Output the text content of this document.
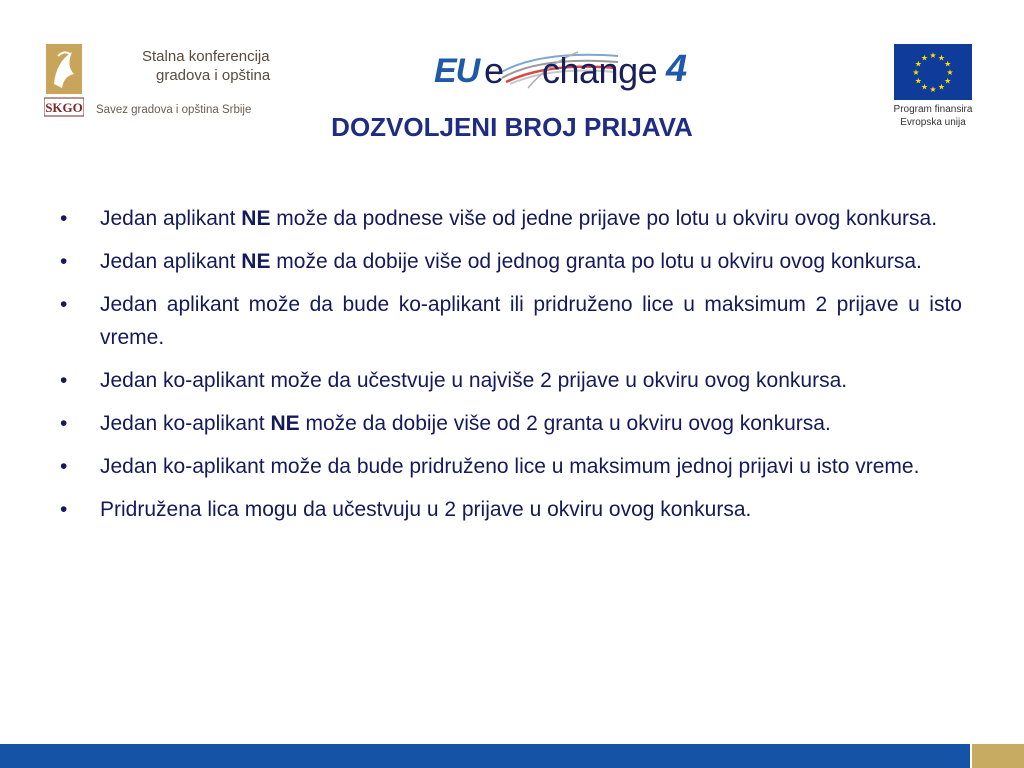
SKGO
Stalna konferencija
gradova i opština
Savez gradova i opština Srbije
EU e change 4	★ ★
★
★
★
★
★
★
★
★
★
★
Program finansira
Evropska unija
DOZVOLJENI BROJ PRIJAVA
• Jedan aplikant NE može da podnese više od jedne prijave po lotu u okviru ovog konkursa.
• Jedan aplikant NE može da dobije više od jednog granta po lotu u okviru ovog konkursa.
• Jedan aplikant može da bude ko-aplikant ili pridruženo lice u maksimum 2 prijave u isto vreme.
• Jedan ko-aplikant može da učestvuje u najviše 2 prijave u okviru ovog konkursa.
• Jedan ko-aplikant NE može da dobije više od 2 granta u okviru ovog konkursa.
• Jedan ko-aplikant može da bude pridruženo lice u maksimum jednoj prijavi u isto vreme.
• Pridružena lica mogu da učestvuju u 2 prijave u okviru ovog konkursa.
